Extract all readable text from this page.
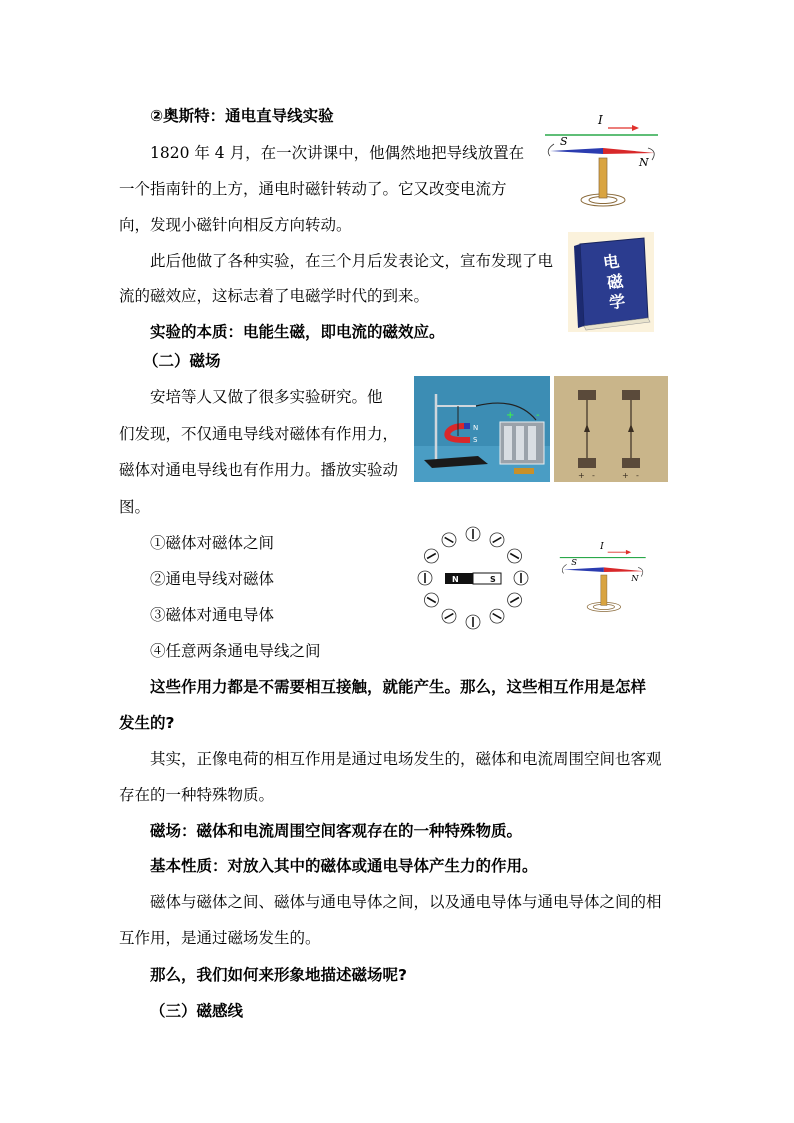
②奥斯特：通电直导线实验
1820 年 4 月，在一次讲课中，他偶然地把导线放置在
一个指南针的上方，通电时磁针转动了。它又改变电流方
向，发现小磁针向相反方向转动。
此后他做了各种实验，在三个月后发表论文，宣布发现了电
流的磁效应，这标志着了电磁学时代的到来。
实验的本质：电能生磁，即电流的磁效应。
（二）磁场
安培等人又做了很多实验研究。他
们发现，不仅通电导线对磁体有作用力，
磁体对通电导线也有作用力。播放实验动
图。
①磁体对磁体之间
②通电导线对磁体
③磁体对通电导体
④任意两条通电导线之间
这些作用力都是不需要相互接触，就能产生。那么，这些相互作用是怎样
发生的?
其实，正像电荷的相互作用是通过电场发生的，磁体和电流周围空间也客观
存在的一种特殊物质。
磁场：磁体和电流周围空间客观存在的一种特殊物质。
基本性质：对放入其中的磁体或通电导体产生力的作用。
磁体与磁体之间、磁体与通电导体之间，以及通电导体与通电导体之间的相
互作用，是通过磁场发生的。
那么，我们如何来形象地描述磁场呢?
（三）磁感线
I
S
N
电
磁
学
N
S
+ -
+ -	+ -
N	S
I
S
N
